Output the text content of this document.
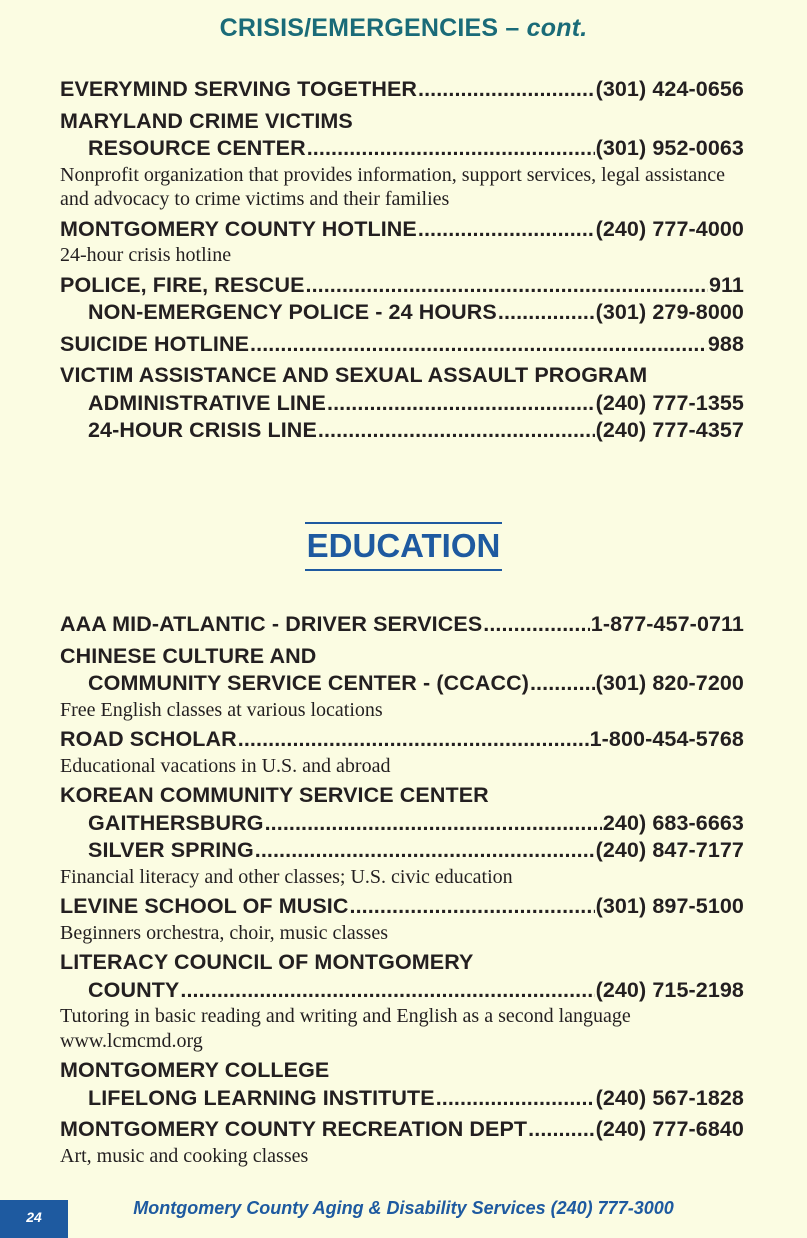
CRISIS/EMERGENCIES – cont.
EVERYMIND SERVING TOGETHER .....	(301) 424-0656
MARYLAND CRIME VICTIMS
RESOURCE CENTER .....	(301) 952-0063
Nonprofit organization that provides information, support services, legal assistance and advocacy to crime victims and their families
MONTGOMERY COUNTY HOTLINE .....	(240) 777-4000
24-hour crisis hotline
POLICE, FIRE, RESCUE .....	911
NON-EMERGENCY POLICE - 24 HOURS .....	(301) 279-8000
SUICIDE HOTLINE .....	988
VICTIM ASSISTANCE AND SEXUAL ASSAULT PROGRAM
ADMINISTRATIVE LINE .....	(240) 777-1355
24-HOUR CRISIS LINE .....	(240) 777-4357
EDUCATION
AAA MID-ATLANTIC - DRIVER SERVICES .....	1-877-457-0711
CHINESE CULTURE AND
COMMUNITY SERVICE CENTER - (CCACC) .....	(301) 820-7200
Free English classes at various locations
ROAD SCHOLAR .....	1-800-454-5768
Educational vacations in U.S. and abroad
KOREAN COMMUNITY SERVICE CENTER
GAITHERSBURG .....	240) 683-6663
SILVER SPRING .....	(240) 847-7177
Financial literacy and other classes; U.S. civic education
LEVINE SCHOOL OF MUSIC .....	(301) 897-5100
Beginners orchestra, choir, music classes
LITERACY COUNCIL OF MONTGOMERY
COUNTY .....	(240) 715-2198
Tutoring in basic reading and writing and English as a second language
www.lcmcmd.org
MONTGOMERY COLLEGE
LIFELONG LEARNING INSTITUTE .....	(240) 567-1828
MONTGOMERY COUNTY RECREATION DEPT .....	(240) 777-6840
Art, music and cooking classes
24	Montgomery County Aging & Disability Services (240) 777-3000
